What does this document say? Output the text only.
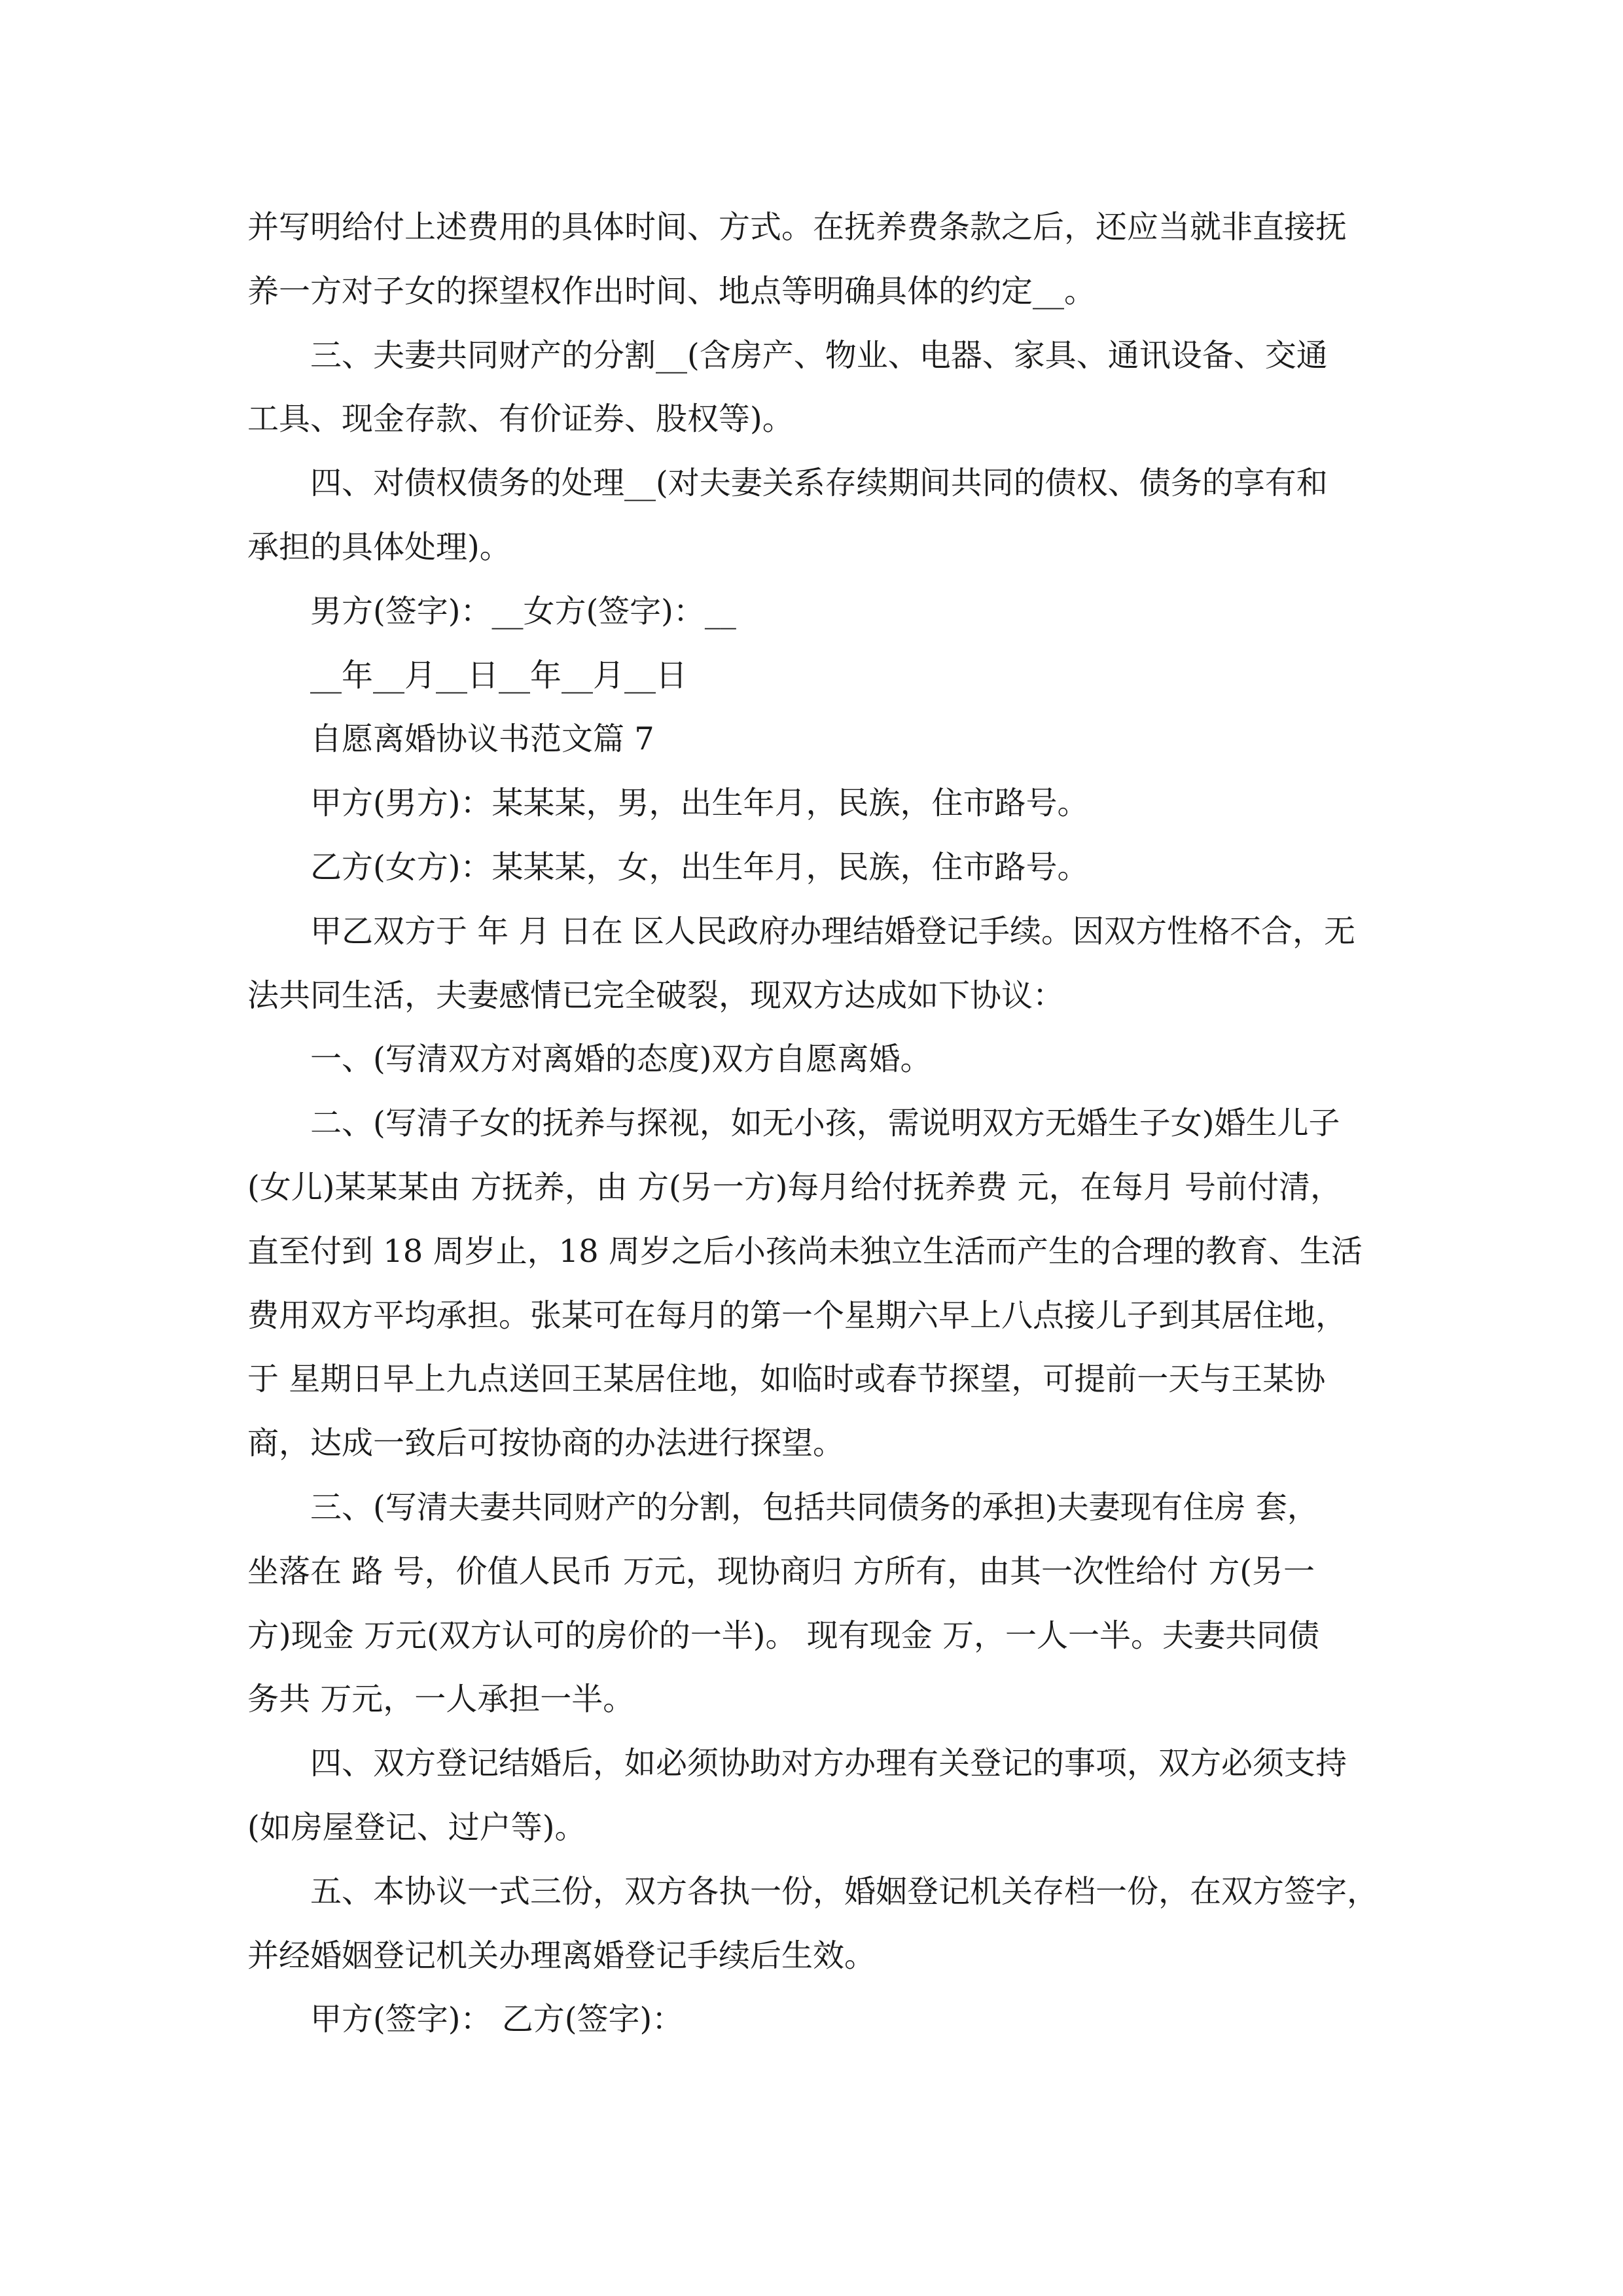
并写明给付上述费用的具体时间、方式。在抚养费条款之后，还应当就非直接抚
养一方对子女的探望权作出时间、地点等明确具体的约定__。
　　三、夫妻共同财产的分割__(含房产、物业、电器、家具、通讯设备、交通
工具、现金存款、有价证券、股权等)。
　　四、对债权债务的处理__(对夫妻关系存续期间共同的债权、债务的享有和
承担的具体处理)。
　　男方(签字)：__女方(签字)：__
　　__年__月__日__年__月__日
　　自愿离婚协议书范文篇 7
　　甲方(男方)：某某某，男，出生年月，民族，住市路号。
　　乙方(女方)：某某某，女，出生年月，民族，住市路号。
　　甲乙双方于 年 月 日在 区人民政府办理结婚登记手续。因双方性格不合，无
法共同生活，夫妻感情已完全破裂，现双方达成如下协议：
　　一、(写清双方对离婚的态度)双方自愿离婚。
　　二、(写清子女的抚养与探视，如无小孩，需说明双方无婚生子女)婚生儿子
(女儿)某某某由 方抚养，由 方(另一方)每月给付抚养费 元，在每月 号前付清，
直至付到 18 周岁止，18 周岁之后小孩尚未独立生活而产生的合理的教育、生活
费用双方平均承担。张某可在每月的第一个星期六早上八点接儿子到其居住地，
于 星期日早上九点送回王某居住地，如临时或春节探望，可提前一天与王某协
商，达成一致后可按协商的办法进行探望。
　　三、(写清夫妻共同财产的分割，包括共同债务的承担)夫妻现有住房 套，
坐落在 路 号，价值人民币 万元，现协商归 方所有，由其一次性给付 方(另一
方)现金 万元(双方认可的房价的一半)。 现有现金 万，一人一半。夫妻共同债
务共 万元，一人承担一半。
　　四、双方登记结婚后，如必须协助对方办理有关登记的事项，双方必须支持
(如房屋登记、过户等)。
　　五、本协议一式三份，双方各执一份，婚姻登记机关存档一份，在双方签字，
并经婚姻登记机关办理离婚登记手续后生效。
　　甲方(签字)： 乙方(签字)：
